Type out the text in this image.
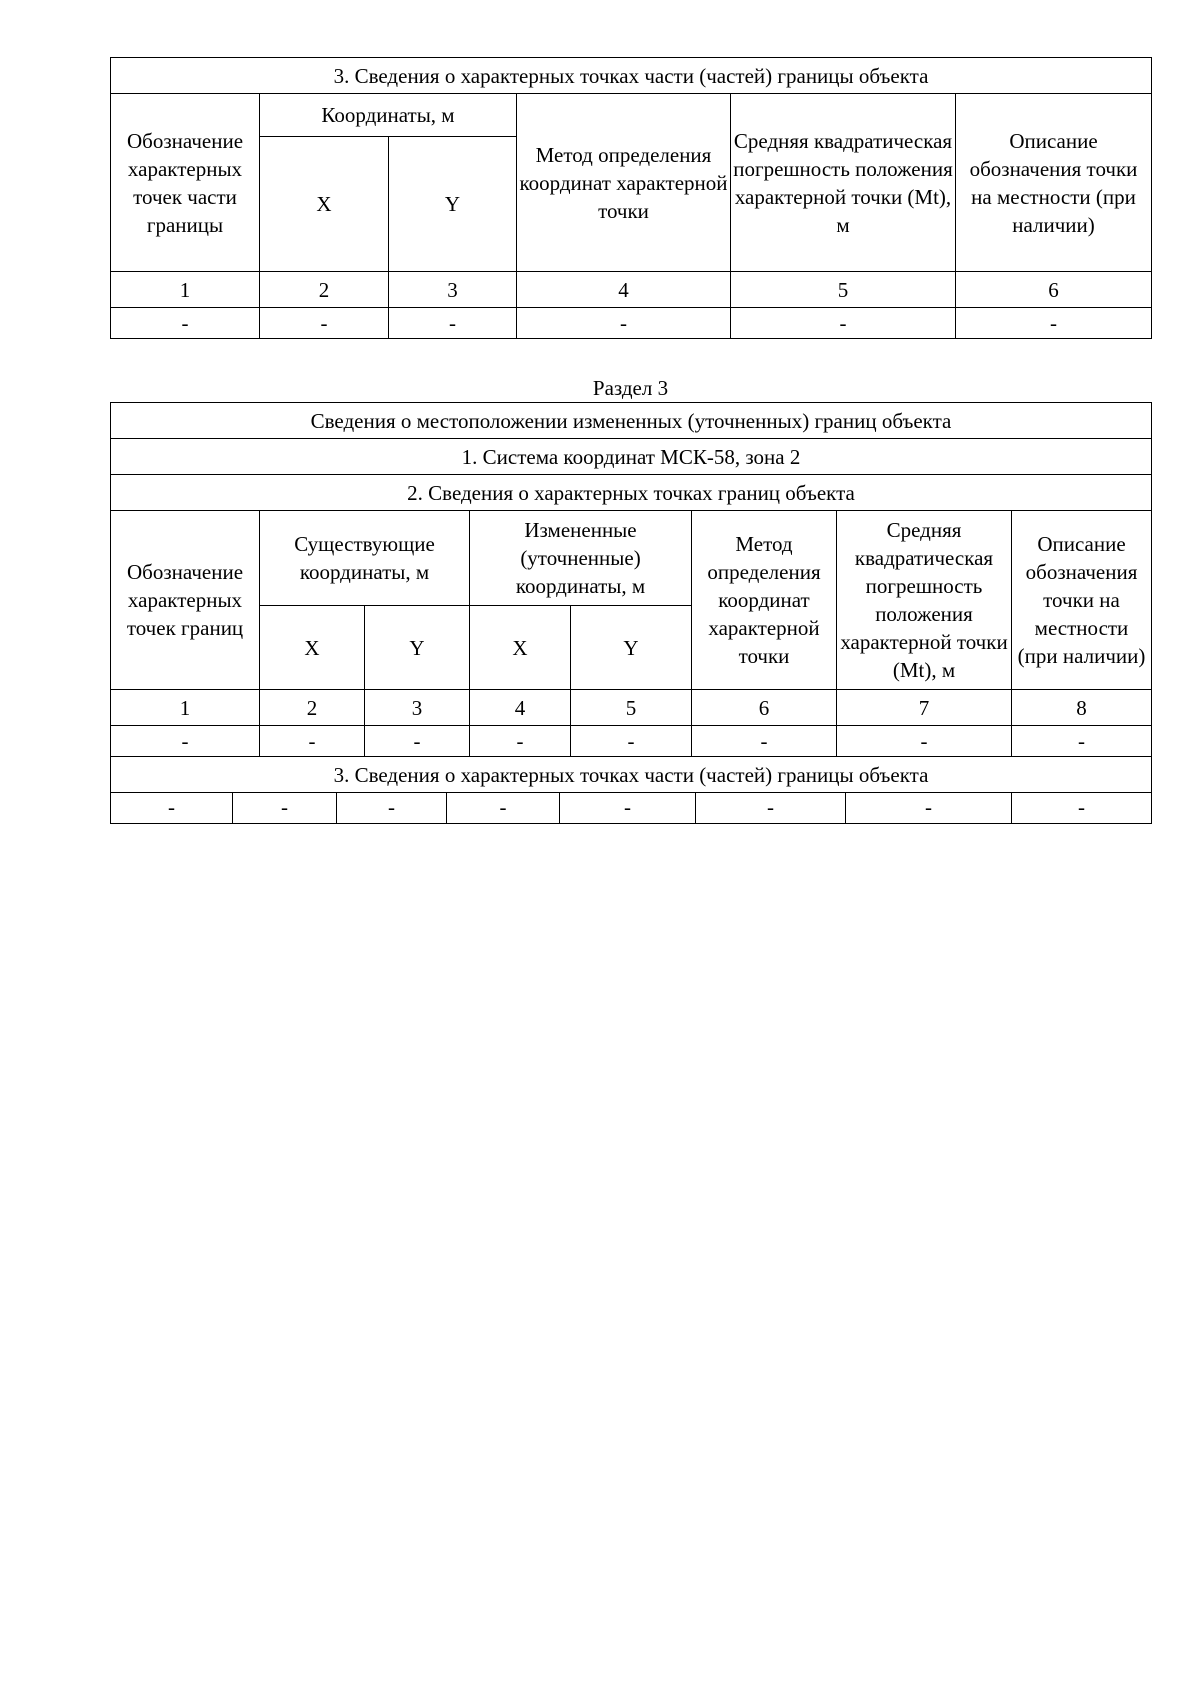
3. Сведения о характерных точках части (частей) границы объекта					
Обозначение характерных точек части границы	Координаты, м		Метод определения координат характерной точки	Средняя квадратическая погрешность положения характерной точки (Mt), м	Описание обозначения точки на местности (при наличии)
	X	Y			
1	2	3	4	5	6
-	-	-	-	-	-
Раздел 3
Сведения о местоположении измененных (уточненных) границ объекта							
1. Система координат МСК-58, зона 2							
2. Сведения о характерных точках границ объекта							
Обозначение характерных точек границ	Существующие координаты, м		Измененные (уточненные) координаты, м		Метод определения координат характерной точки	Средняя квадратическая погрешность положения характерной точки (Mt), м	Описание обозначения точки на местности (при наличии)
	X	Y	X	Y			
1	2	3	4	5	6	7	8
-	-	-	-	-	-	-	-
3. Сведения о характерных точках части (частей) границы объекта							
-	-	-	-	-	-	-	-
